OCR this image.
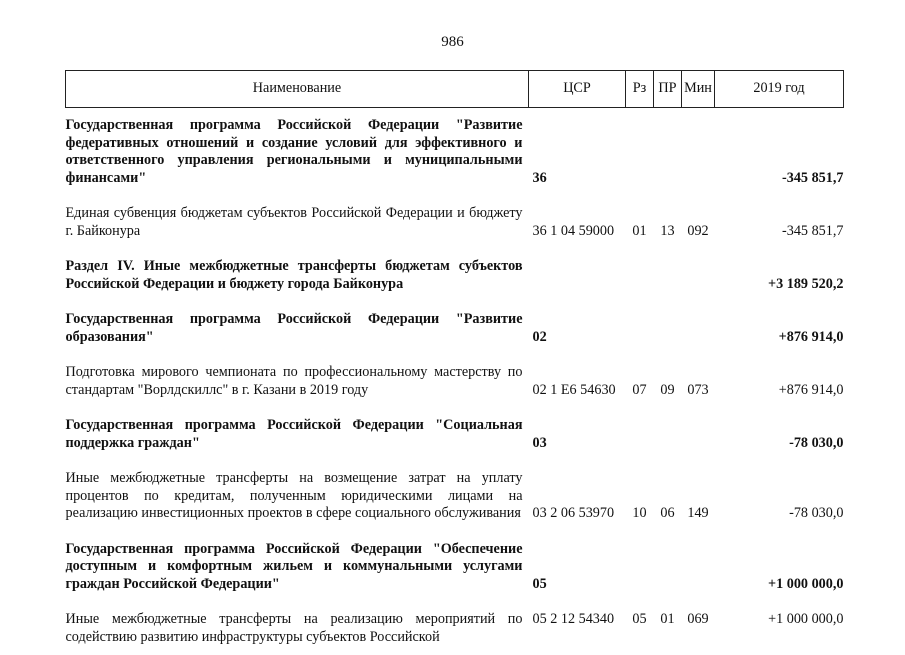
986
Наименование	ЦСР	Рз	ПР	Мин	2019 год
Государственная программа Российской Федерации "Развитие федеративных отношений и создание условий для эффективного и ответственного управления региональными и муниципальными финансами"	36				-345 851,7
Единая субвенция бюджетам субъектов Российской Федерации и бюджету г. Байконура	36 1 04 59000	01	13	092	-345 851,7
Раздел IV. Иные межбюджетные трансферты бюджетам субъектов Российской Федерации и бюджету города Байконура					+3 189 520,2
Государственная программа Российской Федерации "Развитие образования"	02				+876 914,0
Подготовка мирового чемпионата по профессиональному мастерству по стандартам "Ворлдскиллс" в г. Казани в 2019 году	02 1 E6 54630	07	09	073	+876 914,0
Государственная программа Российской Федерации "Социальная поддержка граждан"	03				-78 030,0
Иные межбюджетные трансферты на возмещение затрат на уплату процентов по кредитам, полученным юридическими лицами на реализацию инвестиционных проектов в сфере социального обслуживания	03 2 06 53970	10	06	149	-78 030,0
Государственная программа Российской Федерации "Обеспечение доступным и комфортным жильем и коммунальными услугами граждан Российской Федерации"	05				+1 000 000,0
Иные межбюджетные трансферты на реализацию мероприятий по содействию развитию инфраструктуры субъектов Российской	05 2 12 54340	05	01	069	+1 000 000,0
